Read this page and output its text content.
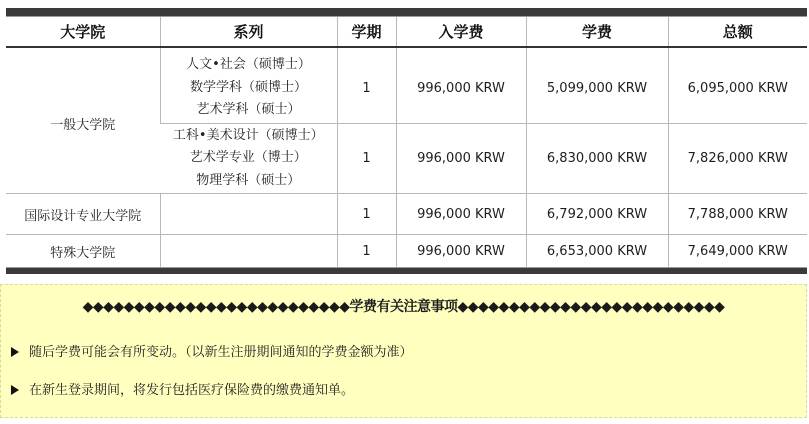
大学院	系列	学期	入学费	学费	总额

一般大学院	人文•社会（硕博士）
数学学科（硕博士）
艺术学科（硕士）	1	996,000 KRW	5,099,000 KRW	6,095,000 KRW

	工科•美术设计（硕博士）
艺术学专业（博士）
物理学科（硕士）	1	996,000 KRW	6,830,000 KRW	7,826,000 KRW
国际设计专业大学院		1	996,000 KRW	6,792,000 KRW	7,788,000 KRW
特殊大学院		1	996,000 KRW	6,653,000 KRW	7,649,000 KRW
◆◆◆◆◆◆◆◆◆◆◆◆◆◆◆◆◆◆◆◆◆◆◆◆◆◆学费有关注意事项◆◆◆◆◆◆◆◆◆◆◆◆◆◆◆◆◆◆◆◆◆◆◆◆◆◆
随后学费可能会有所变动。（以新生注册期间通知的学费金额为准）
在新生登录期间，将发行包括医疗保险费的缴费通知单。
